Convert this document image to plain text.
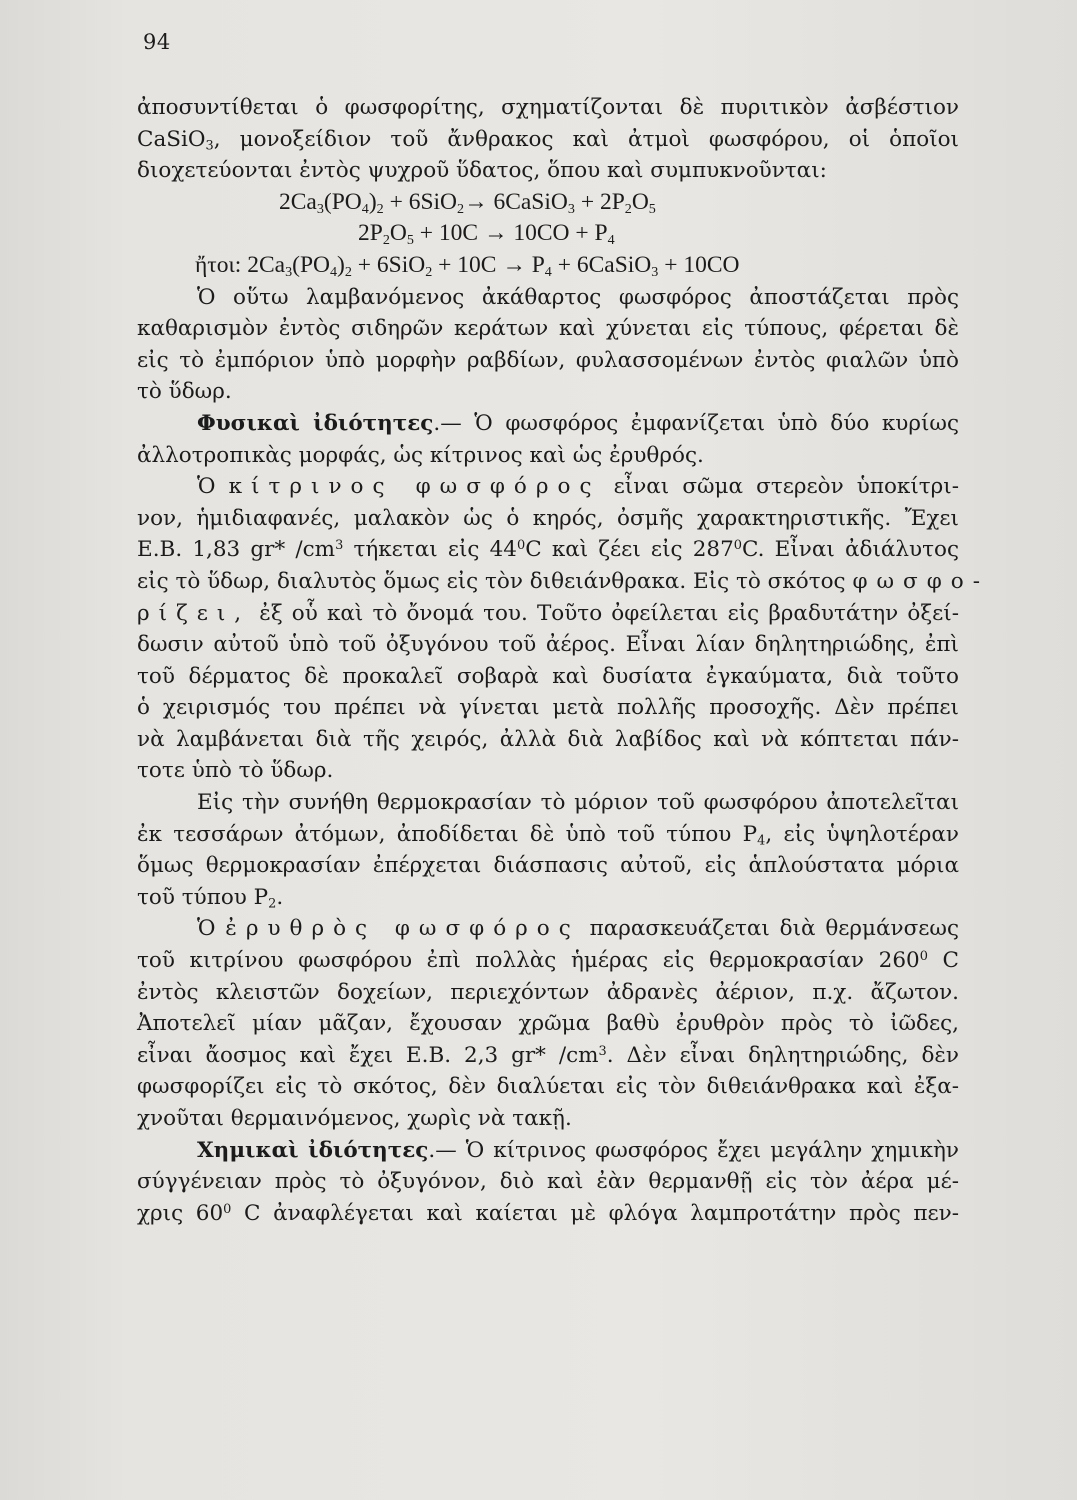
94
ἀποσυντίθεται ὁ φωσφορίτης, σχηματίζονται δὲ πυριτικὸν ἀσβέστιον
CaSiO$_3$, μονοξείδιον τοῦ ἄνθρακος καὶ ἀτμοὶ φωσφόρου, οἱ ὁποῖοι
διοχετεύονται ἐντὸς ψυχροῦ ὕδατος, ὅπου καὶ συμπυκνοῦνται:
$2Ca_3(PO_4)_2 + 6SiO_2\to$ 6CaSiO$_3$ + $2P_2O_5$
$2P_2O_5 + 10C \to 10CO + P_4$
ἤτοι: $2Ca_3(PO_4)_2 + 6SiO_2 + 10C \to P_4$ + 6CaSiO$_3$ + 10CO
Ὁ οὕτω λαμβανόμενος ἀκάθαρτος φωσφόρος ἀποστάζεται πρὸς
καθαρισμὸν ἐντὸς σιδηρῶν κεράτων καὶ χύνεται εἰς τύπους, φέρεται δὲ
εἰς τὸ ἐμπόριον ὑπὸ μορφὴν ραβδίων, φυλασσομένων ἐντὸς φιαλῶν ὑπὸ
τὸ ὕδωρ.
Φυσικαὶ ἰδιότητες.— Ὁ φωσφόρος ἐμφανίζεται ὑπὸ δύο κυρίως
ἀλλοτροπικὰς μορφάς, ὡς κίτρινος καὶ ὡς ἐρυθρός.
Ὁ κίτρινος φωσφόρος εἶναι σῶμα στερεὸν ὑποκίτρι-
νον, ἡμιδιαφανές, μαλακὸν ὡς ὁ κηρός, ὀσμῆς χαρακτηριστικῆς. Ἔχει
Ε.Β. 1,83 gr* $/cm^3$ τήκεται εἰς $44^0C$ καὶ ζέει εἰς $287^0C$. Εἶναι ἀδιάλυτος
εἰς τὸ ὕδωρ, διαλυτὸς ὅμως εἰς τὸν διθειάνθρακα. Εἰς τὸ σκότος φωσφο-
ρίζει, ἐξ οὗ καὶ τὸ ὄνομά του. Τοῦτο ὀφείλεται εἰς βραδυτάτην ὀξεί-
δωσιν αὐτοῦ ὑπὸ τοῦ ὀξυγόνου τοῦ ἀέρος. Εἶναι λίαν δηλητηριώδης, ἐπὶ
τοῦ δέρματος δὲ προκαλεῖ σοβαρὰ καὶ δυσίατα ἐγκαύματα, διὰ τοῦτο
ὁ χειρισμός του πρέπει νὰ γίνεται μετὰ πολλῆς προσοχῆς. Δὲν πρέπει
νὰ λαμβάνεται διὰ τῆς χειρός, ἀλλὰ διὰ λαβίδος καὶ νὰ κόπτεται πάν-
τοτε ὑπὸ τὸ ὕδωρ.
Εἰς τὴν συνήθη θερμοκρασίαν τὸ μόριον τοῦ φωσφόρου ἀποτελεῖται
ἐκ τεσσάρων ἀτόμων, ἀποδίδεται δὲ ὑπὸ τοῦ τύπου $P_4$, εἰς ὑψηλοτέραν
ὅμως θερμοκρασίαν ἐπέρχεται διάσπασις αὐτοῦ, εἰς ἁπλούστατα μόρια
τοῦ τύπου $P_2$.
Ὁ ἐρυθρὸς φωσφόρος παρασκευάζεται διὰ θερμάνσεως
τοῦ κιτρίνου φωσφόρου ἐπὶ πολλὰς ἡμέρας εἰς θερμοκρασίαν $260^0$ C
ἐντὸς κλειστῶν δοχείων, περιεχόντων ἀδρανὲς ἀέριον, π.χ. ἄζωτον.
Ἀποτελεῖ μίαν μᾶζαν, ἔχουσαν χρῶμα βαθὺ ἐρυθρὸν πρὸς τὸ ἰῶδες,
εἶναι ἄοσμος καὶ ἔχει Ε.Β. 2,3 gr* $/cm^3$. Δὲν εἶναι δηλητηριώδης, δὲν
φωσφορίζει εἰς τὸ σκότος, δὲν διαλύεται εἰς τὸν διθειάνθρακα καὶ ἐξα-
χνοῦται θερμαινόμενος, χωρὶς νὰ τακῇ.
Χημικαὶ ἰδιότητες.— Ὁ κίτρινος φωσφόρος ἔχει μεγάλην χημικὴν
σύγγένειαν πρὸς τὸ ὀξυγόνον, διὸ καὶ ἐὰν θερμανθῇ εἰς τὸν ἀέρα μέ-
χρις $60^0$ C ἀναφλέγεται καὶ καίεται μὲ φλόγα λαμπροτάτην πρὸς πεν-
